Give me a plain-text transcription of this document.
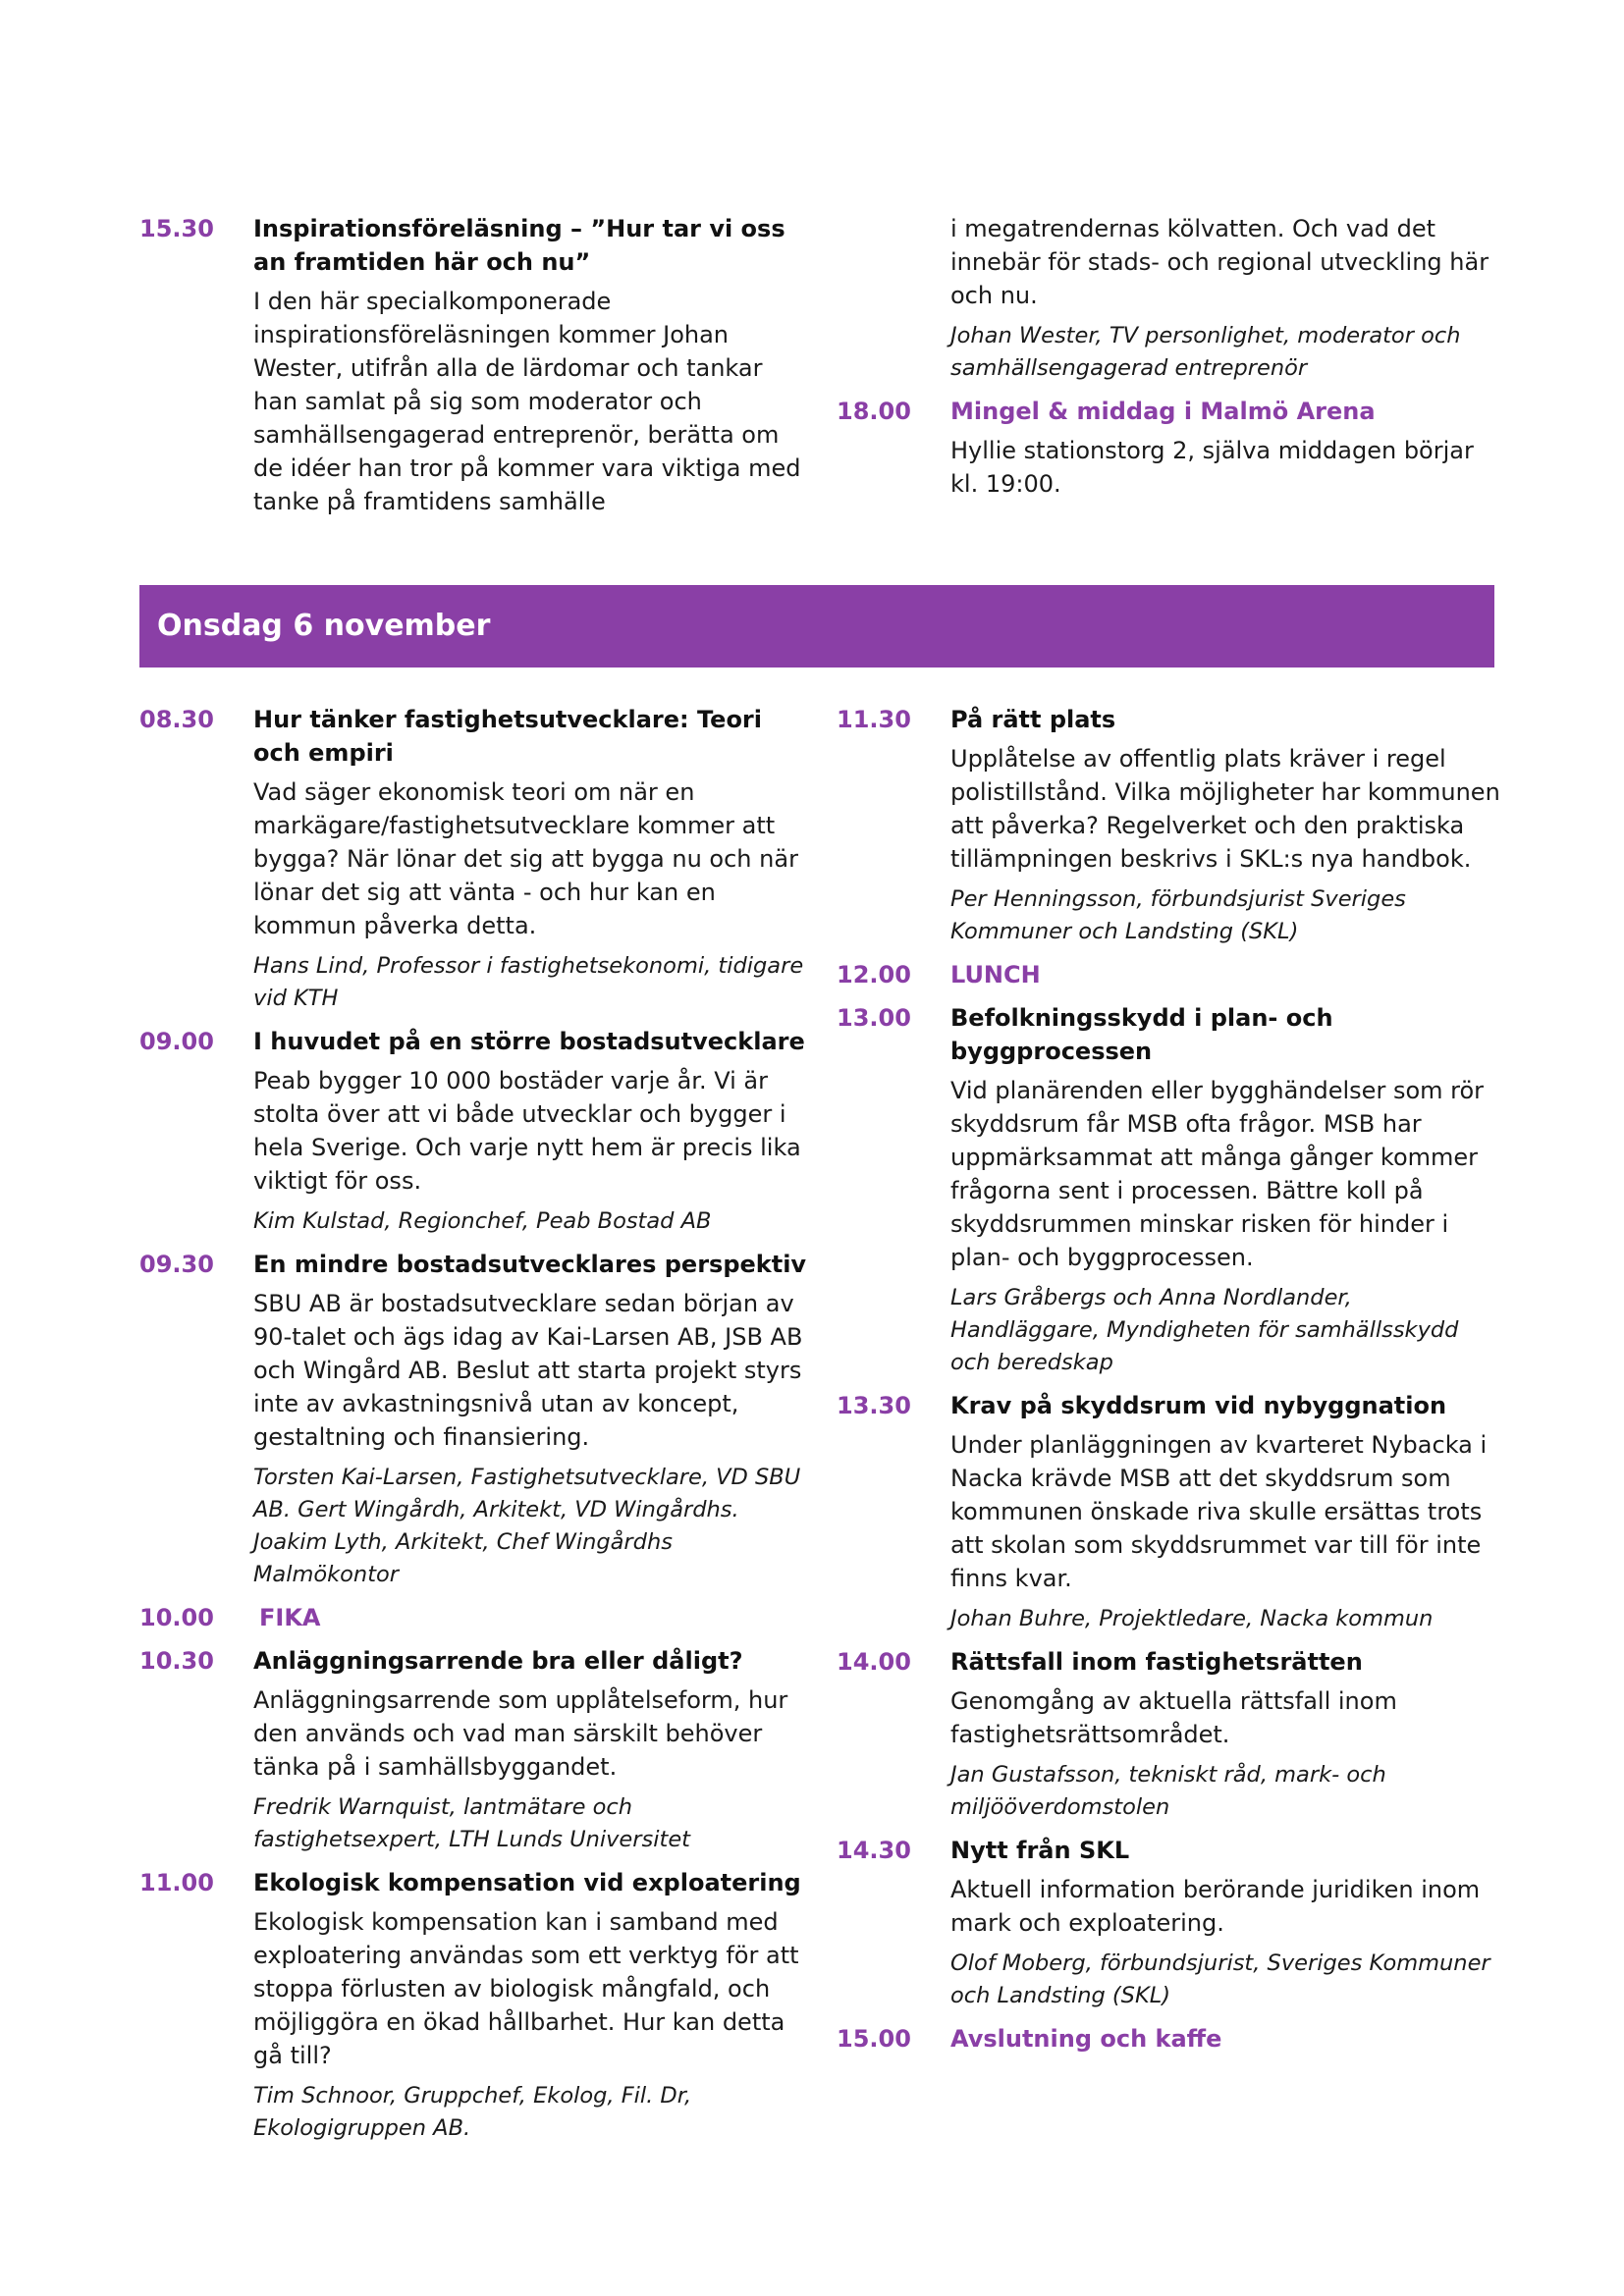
15.30 Inspirationsföreläsning – ”Hur tar vi oss an framtiden här och nu”
I den här specialkomponerade inspirationsföreläsningen kommer Johan Wester, utifrån alla de lärdomar och tankar han samlat på sig som moderator och samhällsengagerad entreprenör, berätta om de idéer han tror på kommer vara viktiga med tanke på framtidens samhälle
i megatrendernas kölvatten. Och vad det innebär för stads- och regional utveckling här och nu.
Johan Wester, TV personlighet, moderator och samhällsengagerad entreprenör
18.00 Mingel & middag i Malmö Arena
Hyllie stationstorg 2, själva middagen börjar kl. 19:00.
Onsdag 6 november
08.30 Hur tänker fastighetsutvecklare: Teori och empiri
Vad säger ekonomisk teori om när en markägare/fastighetsutvecklare kommer att bygga? När lönar det sig att bygga nu och när lönar det sig att vänta - och hur kan en kommun påverka detta.
Hans Lind, Professor i fastighetsekonomi, tidigare vid KTH
09.00 I huvudet på en större bostadsutvecklare
Peab bygger 10 000 bostäder varje år. Vi är stolta över att vi både utvecklar och bygger i hela Sverige. Och varje nytt hem är precis lika viktigt för oss.
Kim Kulstad, Regionchef, Peab Bostad AB
09.30 En mindre bostadsutvecklares perspektiv
SBU AB är bostadsutvecklare sedan början av 90-talet och ägs idag av Kai-Larsen AB, JSB AB och Wingård AB. Beslut att starta projekt styrs inte av avkastningsnivå utan av koncept, gestaltning och finansiering.
Torsten Kai-Larsen, Fastighetsutvecklare, VD SBU AB. Gert Wingårdh, Arkitekt, VD Wingårdhs. Joakim Lyth, Arkitekt, Chef Wingårdhs Malmökontor
10.00 FIKA
10.30 Anläggningsarrende bra eller dåligt?
Anläggningsarrende som upplåtelseform, hur den används och vad man särskilt behöver tänka på i samhällsbyggandet.
Fredrik Warnquist, lantmätare och fastighetsexpert, LTH Lunds Universitet
11.00 Ekologisk kompensation vid exploatering
Ekologisk kompensation kan i samband med exploatering användas som ett verktyg för att stoppa förlusten av biologisk mångfald, och möjliggöra en ökad hållbarhet. Hur kan detta gå till?
Tim Schnoor, Gruppchef, Ekolog, Fil. Dr, Ekologigruppen AB.
11.30 På rätt plats
Upplåtelse av offentlig plats kräver i regel polistillstånd. Vilka möjligheter har kommunen att påverka? Regelverket och den praktiska tillämpningen beskrivs i SKL:s nya handbok.
Per Henningsson, förbundsjurist Sveriges Kommuner och Landsting (SKL)
12.00 LUNCH
13.00 Befolkningsskydd i plan- och byggprocessen
Vid planärenden eller bygghändelser som rör skyddsrum får MSB ofta frågor. MSB har uppmärksammat att många gånger kommer frågorna sent i processen. Bättre koll på skyddsrummen minskar risken för hinder i plan- och byggprocessen.
Lars Gråbergs och Anna Nordlander, Handläggare, Myndigheten för samhällsskydd och beredskap
13.30 Krav på skyddsrum vid nybyggnation
Under planläggningen av kvarteret Nybacka i Nacka krävde MSB att det skyddsrum som kommunen önskade riva skulle ersättas trots att skolan som skyddsrummet var till för inte finns kvar.
Johan Buhre, Projektledare, Nacka kommun
14.00 Rättsfall inom fastighetsrätten
Genomgång av aktuella rättsfall inom fastighetsrättsområdet.
Jan Gustafsson, tekniskt råd, mark- och miljööverdomstolen
14.30 Nytt från SKL
Aktuell information berörande juridiken inom mark och exploatering.
Olof Moberg, förbundsjurist, Sveriges Kommuner och Landsting (SKL)
15.00 Avslutning och kaffe
